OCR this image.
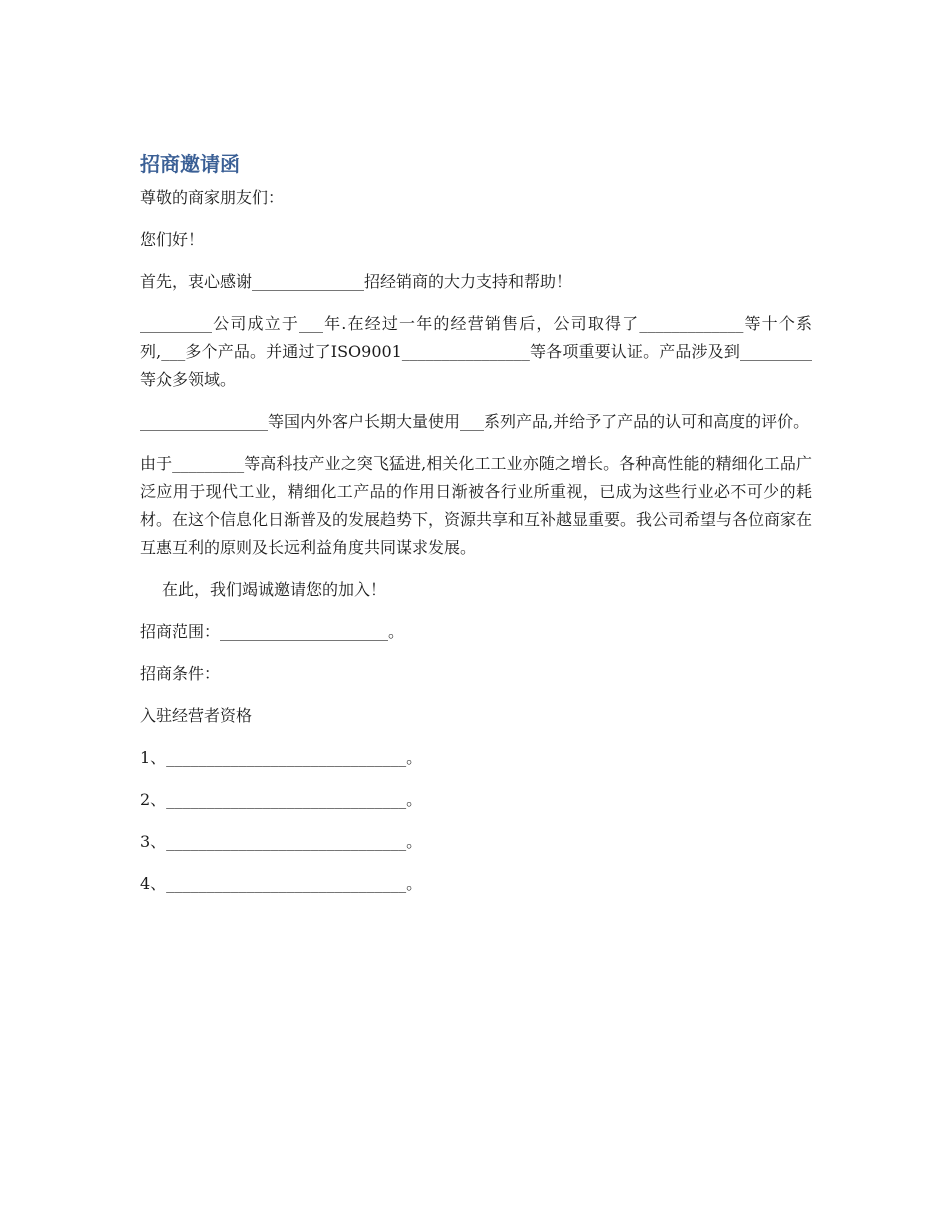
招商邀请函

尊敬的商家朋友们：

您们好！

首先，衷心感谢______________招经销商的大力支持和帮助！

_________公司成立于___年.在经过一年的经营销售后，公司取得了_____________等十个系列,___多个产品。并通过了ISO9001________________等各项重要认证。产品涉及到_________等众多领域。

________________等国内外客户长期大量使用___系列产品,并给予了产品的认可和高度的评价。

由于_________等高科技产业之突飞猛进,相关化工工业亦随之增长。各种高性能的精细化工品广泛应用于现代工业，精细化工产品的作用日渐被各行业所重视，已成为这些行业必不可少的耗材。在这个信息化日渐普及的发展趋势下，资源共享和互补越显重要。我公司希望与各位商家在互惠互利的原则及长远利益角度共同谋求发展。

在此，我们竭诚邀请您的加入！

招商范围：_____________________。

招商条件：

入驻经营者资格

1、______________________________。

2、______________________________。

3、______________________________。

4、______________________________。
